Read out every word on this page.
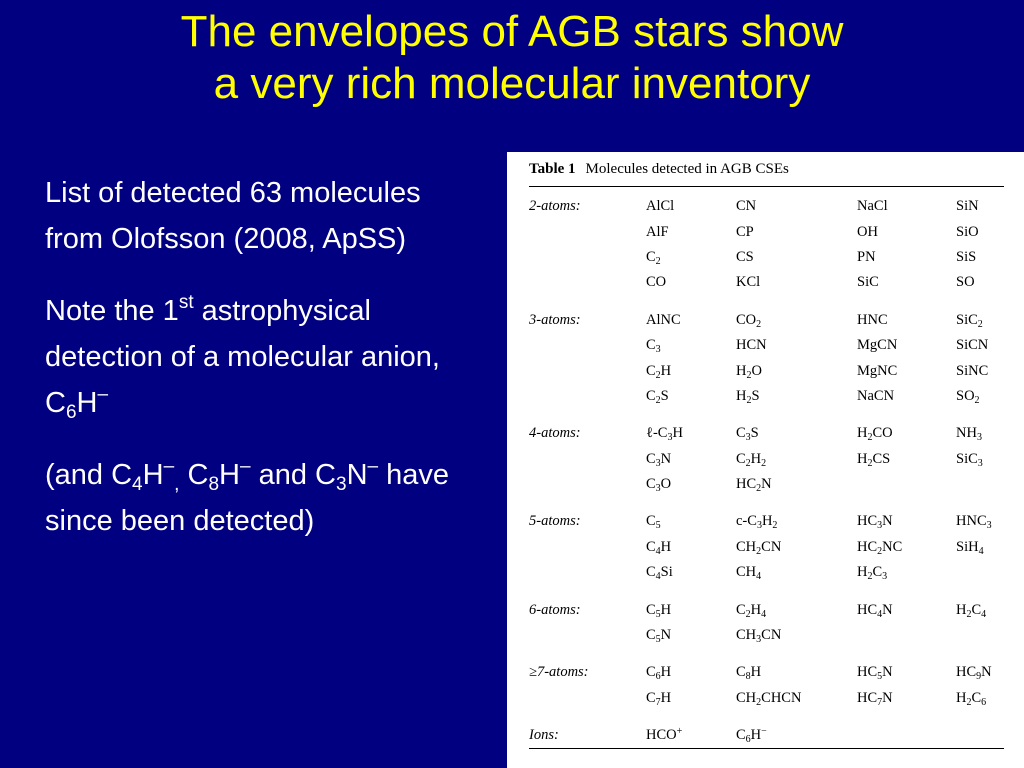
The envelopes of AGB stars show
a very rich molecular inventory

List of detected 63 molecules from Olofsson (2008, ApSS)

Note the 1st astrophysical detection of a molecular anion, $C_6H^-$

(and $C_4H^-_,$ $C_8H^-$ and $C_3N^-$ have since been detected)

Table 1 Molecules detected in AGB CSEs
2-atoms:	AlCl	CN	NaCl	SiN
AlF	CP	OH	SiO
$C_2$	CS	PN	SiS
CO	KCl	SiC	SO
3-atoms:	AlNC	$CO_2$	HNC	SiC$_2$
$C_3$	HCN	MgCN	SiCN
$C_2H$	$H_2O$	MgNC	SiNC
$C_2S$	$H_2S$	NaCN	$SO_2$
4-atoms:	$\ell-C_3H$	$C_3S$	$H_2CO$	$NH_3$
$C_3N$	$C_2H_2$	$H_2CS$	SiC$_3$
$C_3O$	$HC_2N$
5-atoms:	$C_5$	$c-C_3H_2$	$HC_3N$	$HNC_3$
$C_4H$	$CH_2CN$	$HC_2NC$	SiH$_4$
$C_4Si$	$CH_4$	$H_2C_3$
6-atoms:	$C_5H$	$C_2H_4$	$HC_4N$	$H_2C_4$
$C_5N$	$CH_3CN$
≥7-atoms:	$C_6H$	$C_8H$	$HC_5N$	$HC_9N$
$C_7H$	$CH_2CHCN$	$HC_7N$	$H_2C_6$
Ions:	HCO+	$C_6H^-$
